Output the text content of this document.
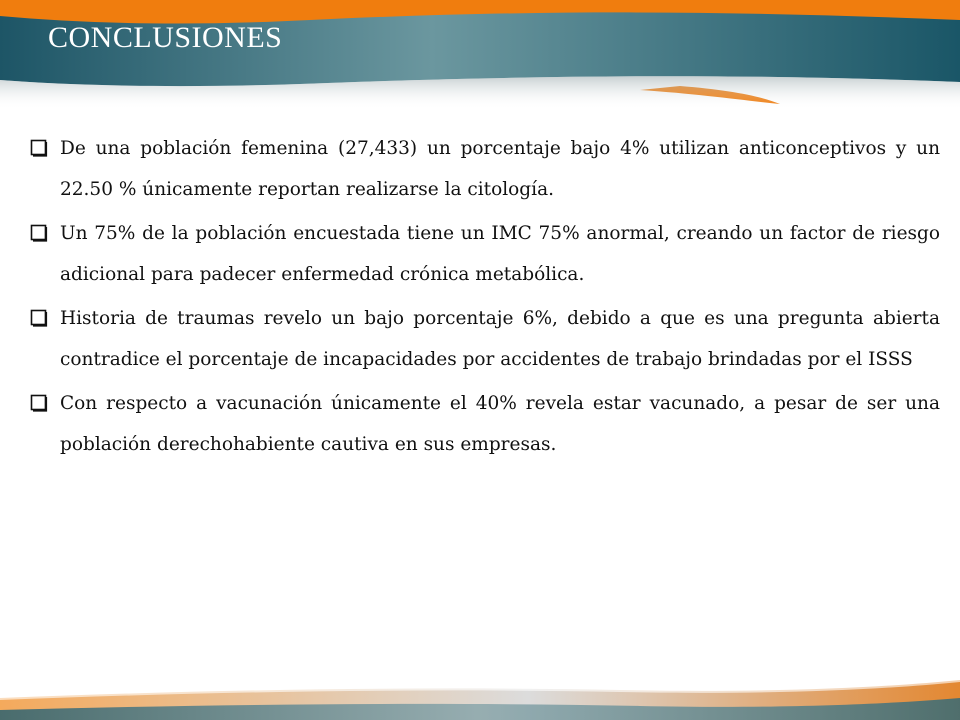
CONCLUSIONES
De una población femenina (27,433) un porcentaje bajo 4% utilizan anticonceptivos y un 22.50 % únicamente reportan realizarse la citología.
Un 75% de la población encuestada tiene un IMC 75% anormal, creando un factor de riesgo adicional para padecer enfermedad crónica metabólica.
Historia de traumas revelo un bajo porcentaje 6%, debido a que es una pregunta abierta contradice el porcentaje de incapacidades por accidentes de trabajo brindadas por el ISSS
Con respecto a vacunación únicamente el 40% revela estar vacunado, a pesar de ser una población derechohabiente cautiva en sus empresas.
